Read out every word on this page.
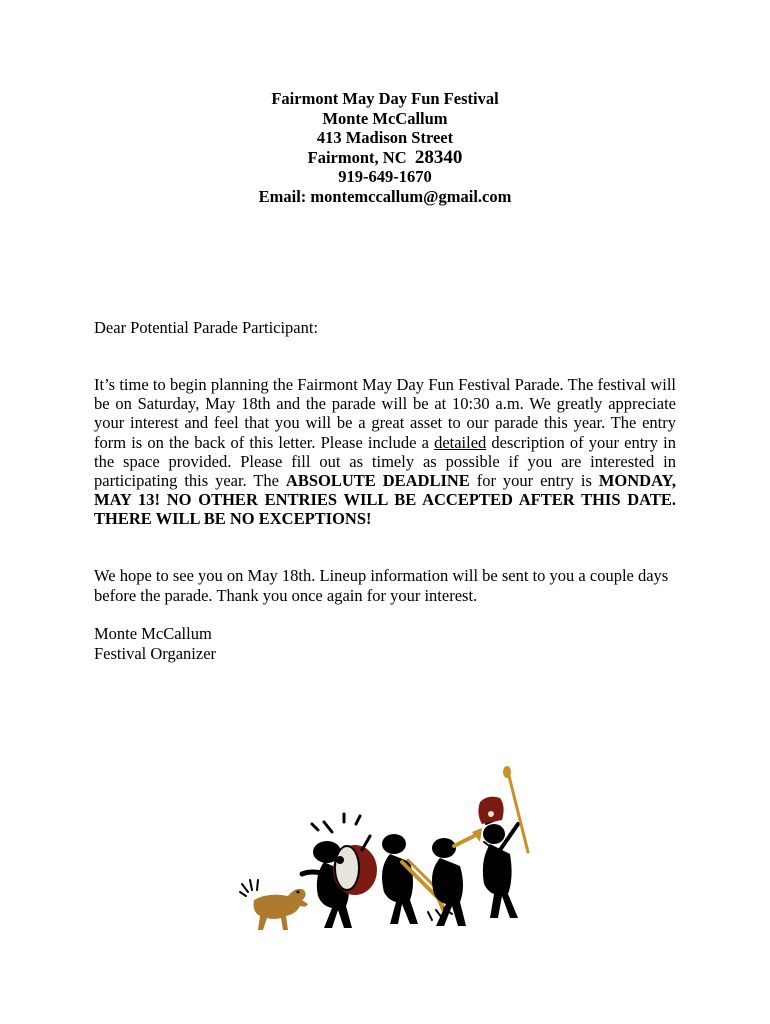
Fairmont May Day Fun Festival
Monte McCallum
413 Madison Street
Fairmont, NC 28340
919-649-1670
Email: montemccallum@gmail.com
Dear Potential Parade Participant:
It’s time to begin planning the Fairmont May Day Fun Festival Parade. The festival will be on Saturday, May 18th and the parade will be at 10:30 a.m. We greatly appreciate your interest and feel that you will be a great asset to our parade this year. The entry form is on the back of this letter. Please include a detailed description of your entry in the space provided. Please fill out as timely as possible if you are interested in participating this year. The ABSOLUTE DEADLINE for your entry is MONDAY, MAY 13! NO OTHER ENTRIES WILL BE ACCEPTED AFTER THIS DATE. THERE WILL BE NO EXCEPTIONS!
We hope to see you on May 18th. Lineup information will be sent to you a couple days before the parade. Thank you once again for your interest.
Monte McCallum
Festival Organizer
